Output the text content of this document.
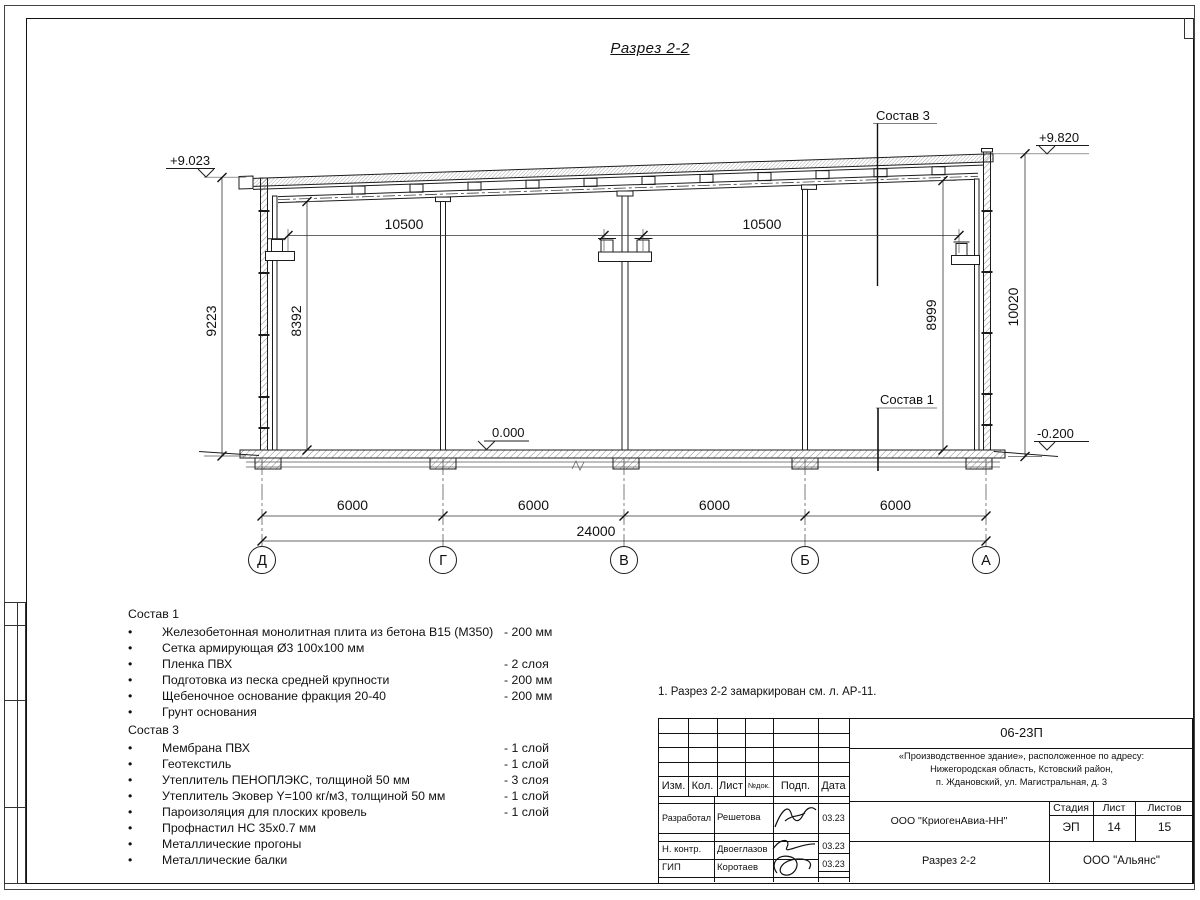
Разрез 2-2
Состав 3
Состав 1
+9.023
+9.820
0.000	-0.200
10500	10500
9223	8392	8999	10020
6000	6000	6000	6000
24000
Д	Г	В	Б	А
Состав 1
•	Железобетонная монолитная плита из бетона В15 (М350) - 200 мм
•	Сетка армирующая Ø3 100х100 мм
•	Пленка ПВХ	- 2 слоя
•	Подготовка из песка средней крупности	- 200 мм
•	Щебеночное основание фракция 20-40	- 200 мм
•	Грунт основания
Состав 3
•	Мембрана ПВХ	- 1 слой
•	Геотекстиль	- 1 слой
•	Утеплитель ПЕНОПЛЭКС, толщиной 50 мм	- 3 слоя
•	Утеплитель Эковер Y=100 кг/м3, толщиной 50 мм	- 1 слой
•	Пароизоляция для плоских кровель	- 1 слой
•	Профнастил НС 35х0.7 мм
•	Металлические прогоны
•	Металлические балки
1. Разрез 2-2 замаркирован см. л. АР-11.
Изм. Кол. Лист №док. Подп.	Дата
Разработал Решетова	03.23
Н. контр.	Двоеглазов	03.23
ГИП	Коротаев	03.23
06-23П
«Производственное здание», расположенное по адресу:
Нижегородская область, Кстовский район,
п. Ждановский, ул. Магистральная, д. 3
ООО "КриогенАвиа-НН"
Разрез 2-2
Стадия	Лист	Листов
ЭП	14	15
ООО "Альянс"
